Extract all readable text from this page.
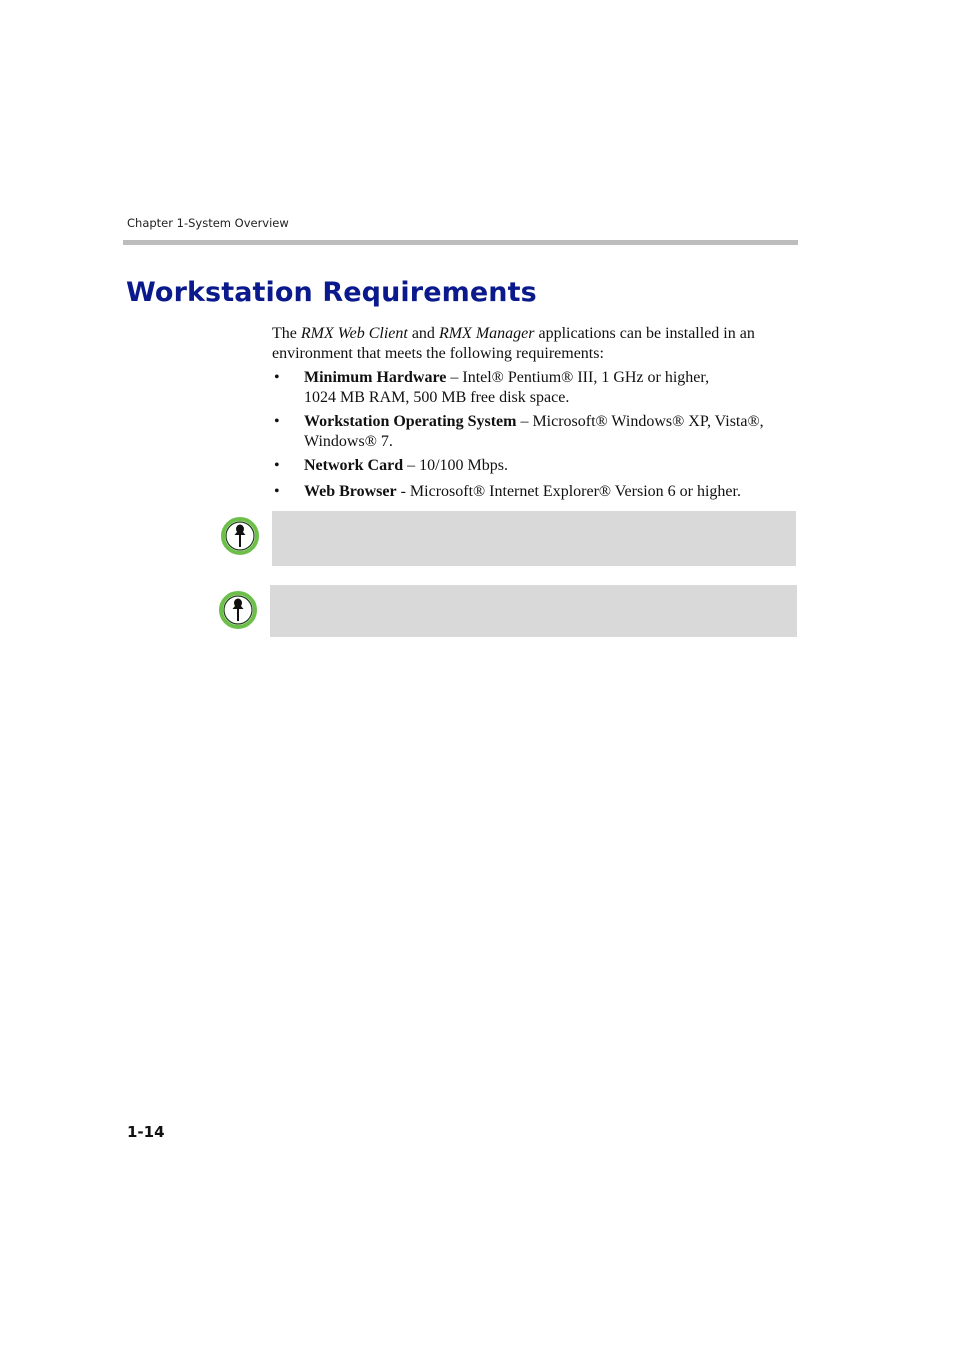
Chapter 1-System Overview
Workstation Requirements

The RMX Web Client and RMX Manager applications can be installed in an environment that meets the following requirements:

• Minimum Hardware – Intel® Pentium® III, 1 GHz or higher,
1024 MB RAM, 500 MB free disk space.
• Workstation Operating System – Microsoft® Windows® XP, Vista®, Windows® 7.
• Network Card – 10/100 Mbps.
• Web Browser - Microsoft® Internet Explorer® Version 6 or higher.
1-14
